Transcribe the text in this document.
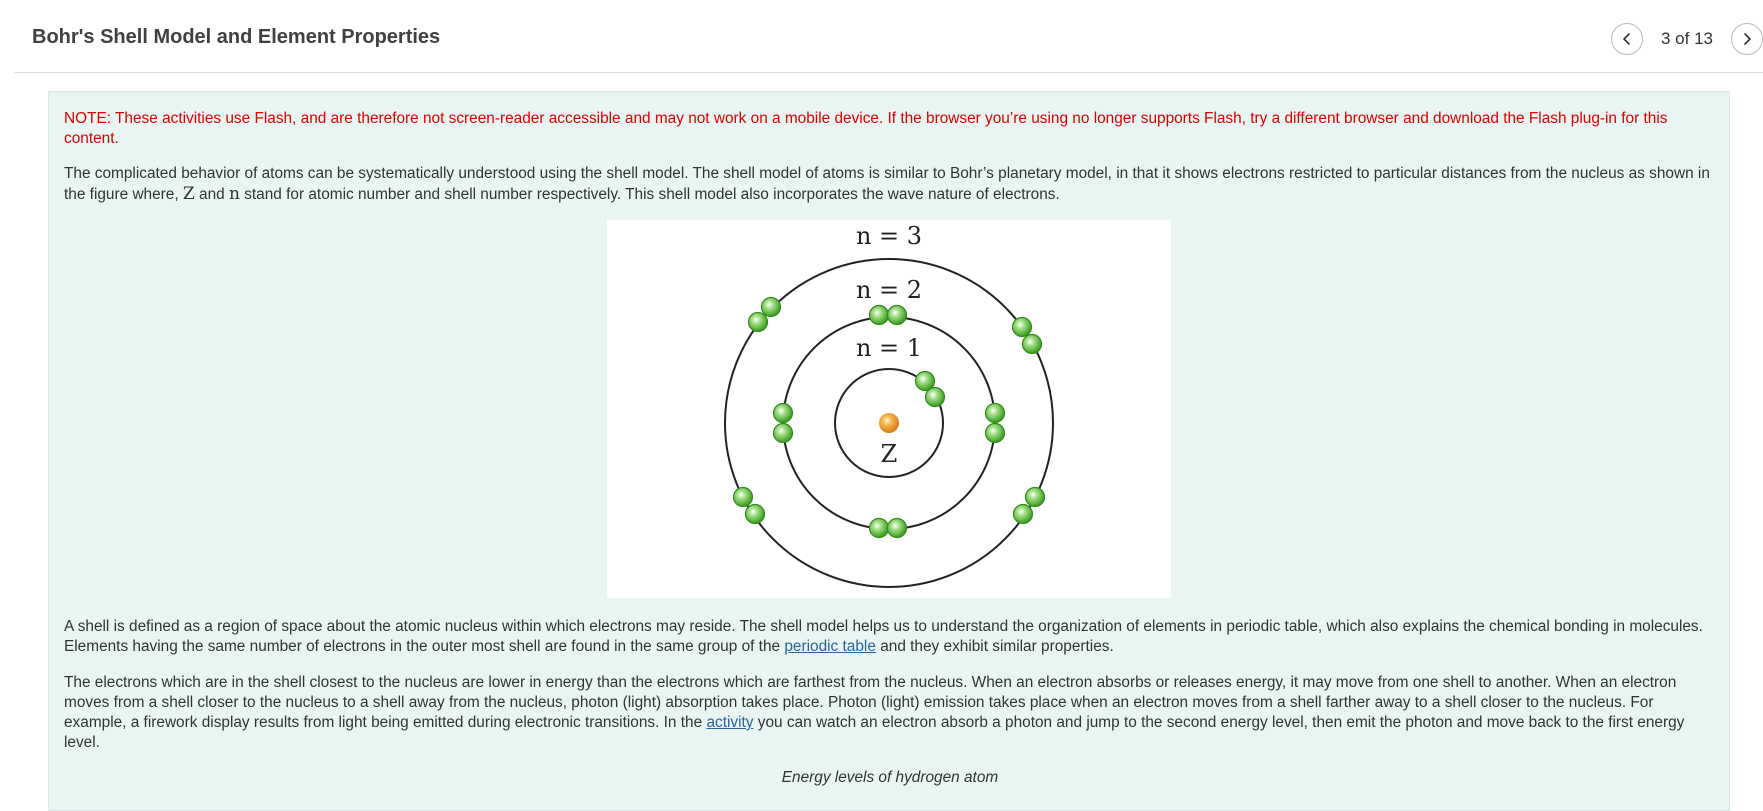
Bohr's Shell Model and Element Properties	3 of 13

NOTE: These activities use Flash, and are therefore not screen-reader accessible and may not work on a mobile device. If the browser you’re using no longer supports Flash, try a different browser and download the Flash plug-in for this content.

The complicated behavior of atoms can be systematically understood using the shell model. The shell model of atoms is similar to Bohr’s planetary model, in that it shows electrons restricted to particular distances from the nucleus as shown in the figure where, Z and n stand for atomic number and shell number respectively. This shell model also incorporates the wave nature of electrons.

n = 3
n = 2
n = 1
Z

A shell is defined as a region of space about the atomic nucleus within which electrons may reside. The shell model helps us to understand the organization of elements in periodic table, which also explains the chemical bonding in molecules. Elements having the same number of electrons in the outer most shell are found in the same group of the periodic table and they exhibit similar properties.

The electrons which are in the shell closest to the nucleus are lower in energy than the electrons which are farthest from the nucleus. When an electron absorbs or releases energy, it may move from one shell to another. When an electron moves from a shell closer to the nucleus to a shell away from the nucleus, photon (light) absorption takes place. Photon (light) emission takes place when an electron moves from a shell farther away to a shell closer to the nucleus. For example, a firework display results from light being emitted during electronic transitions. In the activity you can watch an electron absorb a photon and jump to the second energy level, then emit the photon and move back to the first energy level.

Energy levels of hydrogen atom
